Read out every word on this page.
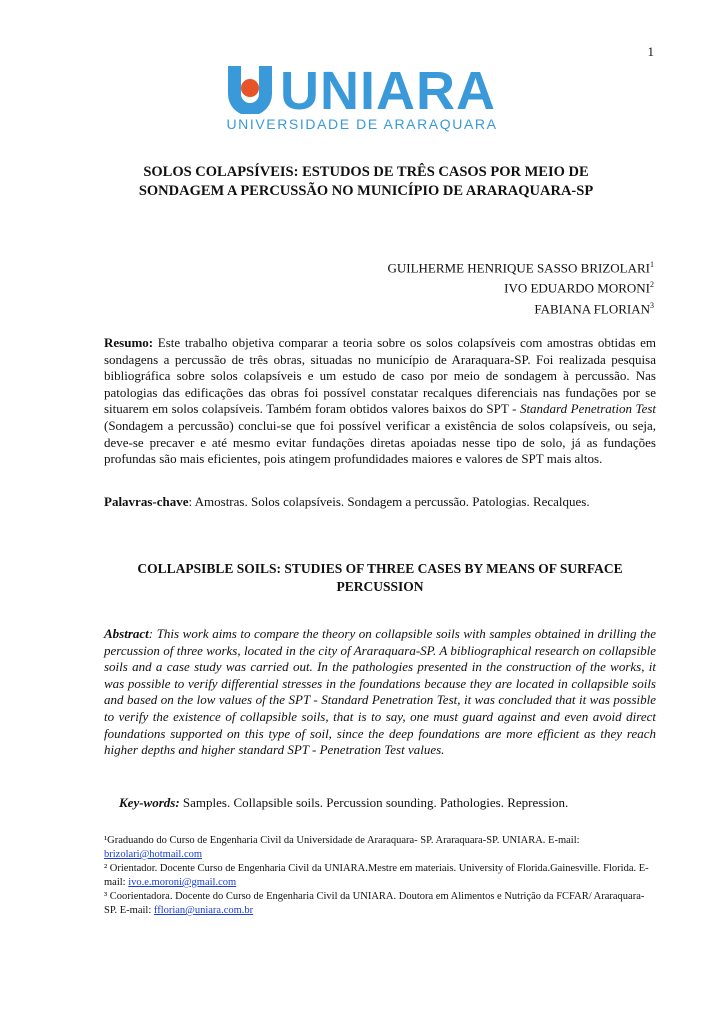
1
UNIARA
UNIVERSIDADE DE ARARAQUARA
SOLOS COLAPSÍVEIS: ESTUDOS DE TRÊS CASOS POR MEIO DE SONDAGEM A PERCUSSÃO NO MUNICÍPIO DE ARARAQUARA-SP
GUILHERME HENRIQUE SASSO BRIZOLARI$^1$
IVO EDUARDO MORONI$^2$
FABIANA FLORIAN$^3$
Resumo: Este trabalho objetiva comparar a teoria sobre os solos colapsíveis com amostras obtidas em sondagens a percussão de três obras, situadas no município de Araraquara-SP. Foi realizada pesquisa bibliográfica sobre solos colapsíveis e um estudo de caso por meio de sondagem à percussão. Nas patologias das edificações das obras foi possível constatar recalques diferenciais nas fundações por se situarem em solos colapsíveis. Também foram obtidos valores baixos do SPT - Standard Penetration Test (Sondagem a percussão) conclui-se que foi possível verificar a existência de solos colapsíveis, ou seja, deve-se precaver e até mesmo evitar fundações diretas apoiadas nesse tipo de solo, já as fundações profundas são mais eficientes, pois atingem profundidades maiores e valores de SPT mais altos.
Palavras-chave: Amostras. Solos colapsíveis. Sondagem a percussão. Patologias. Recalques.
COLLAPSIBLE SOILS: STUDIES OF THREE CASES BY MEANS OF SURFACE PERCUSSION
Abstract: This work aims to compare the theory on collapsible soils with samples obtained in drilling the percussion of three works, located in the city of Araraquara-SP. A bibliographical research on collapsible soils and a case study was carried out. In the pathologies presented in the construction of the works, it was possible to verify differential stresses in the foundations because they are located in collapsible soils and based on the low values of the SPT - Standard Penetration Test, it was concluded that it was possible to verify the existence of collapsible soils, that is to say, one must guard against and even avoid direct foundations supported on this type of soil, since the deep foundations are more efficient as they reach higher depths and higher standard SPT - Penetration Test values.
Key-words: Samples. Collapsible soils. Percussion sounding. Pathologies. Repression.

¹Graduando do Curso de Engenharia Civil da Universidade de Araraquara- SP. Araraquara-SP. UNIARA. E-mail: brizolari@hotmail.com

² Orientador. Docente Curso de Engenharia Civil da UNIARA.Mestre em materiais. University of Florida.Gainesville. Florida. E-mail: ivo.e.moroni@gmail.com

³ Coorientadora. Docente do Curso de Engenharia Civil da UNIARA. Doutora em Alimentos e Nutrição da FCFAR/ Araraquara-SP. E-mail: fflorian@uniara.com.br
